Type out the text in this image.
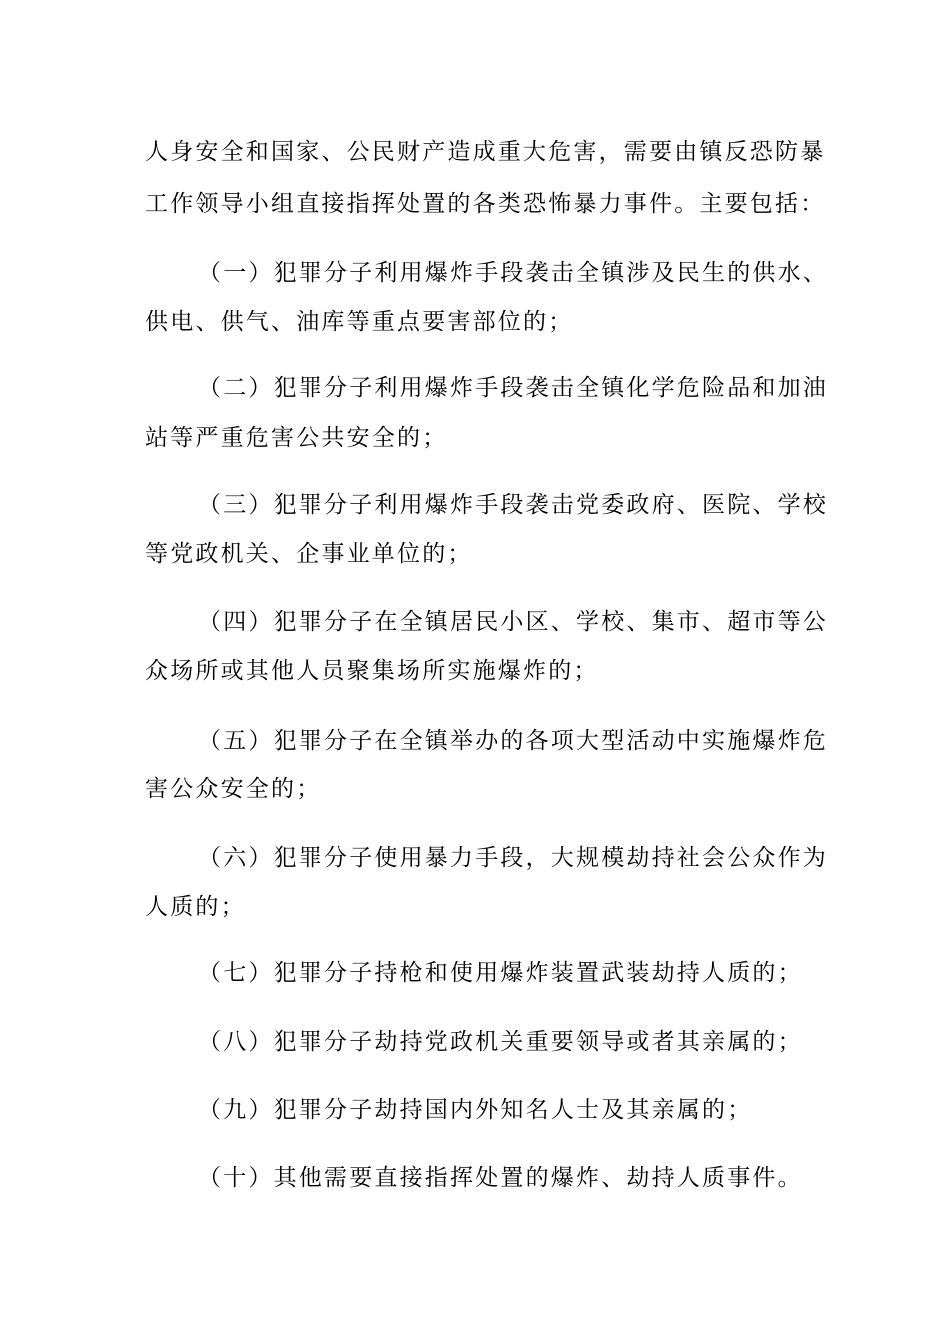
人身安全和国家、公民财产造成重大危害，需要由镇反恐防暴
工作领导小组直接指挥处置的各类恐怖暴力事件。主要包括：
（一）犯罪分子利用爆炸手段袭击全镇涉及民生的供水、
供电、供气、油库等重点要害部位的；
（二）犯罪分子利用爆炸手段袭击全镇化学危险品和加油
站等严重危害公共安全的；
（三）犯罪分子利用爆炸手段袭击党委政府、医院、学校
等党政机关、企事业单位的；
（四）犯罪分子在全镇居民小区、学校、集市、超市等公
众场所或其他人员聚集场所实施爆炸的；
（五）犯罪分子在全镇举办的各项大型活动中实施爆炸危
害公众安全的；
（六）犯罪分子使用暴力手段，大规模劫持社会公众作为
人质的；
（七）犯罪分子持枪和使用爆炸装置武装劫持人质的；
（八）犯罪分子劫持党政机关重要领导或者其亲属的；
（九）犯罪分子劫持国内外知名人士及其亲属的；
（十）其他需要直接指挥处置的爆炸、劫持人质事件。
